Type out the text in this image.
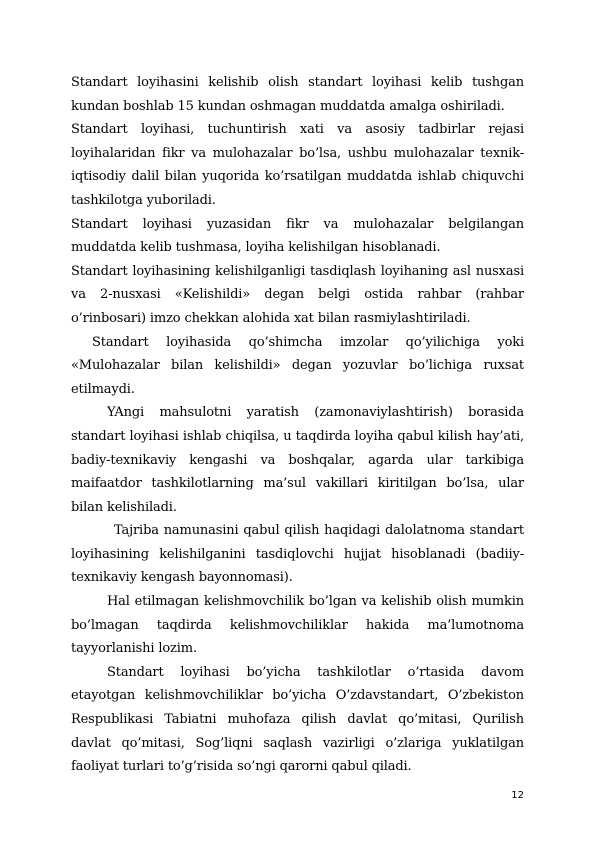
Standart loyihasini kelishib olish standart loyihasi kelib tushgan kundan boshlab 15 kundan oshmagan muddatda amalga oshiriladi.

Standart loyihasi, tuchuntirish xati va asosiy tadbirlar rejasi loyihalaridan fikr va mulohazalar bo’lsa, ushbu mulohazalar texnik-iqtisodiy dalil bilan yuqorida ko’rsatilgan muddatda ishlab chiquvchi tashkilotga yuboriladi.

Standart loyihasi yuzasidan fikr va mulohazalar belgilangan muddatda kelib tushmasa, loyiha kelishilgan hisoblanadi.

Standart loyihasining kelishilganligi tasdiqlash loyihaning asl nusxasi va 2-nusxasi «Kelishildi» degan belgi ostida rahbar (rahbar o’rinbosari) imzo chekkan alohida xat bilan rasmiylashtiriladi.

Standart loyihasida qo’shimcha imzolar qo’yilichiga yoki «Mulohazalar bilan kelishildi» degan yozuvlar bo’lichiga ruxsat etilmaydi.

YAngi mahsulotni yaratish (zamonaviylashtirish) borasida standart loyihasi ishlab chiqilsa, u taqdirda loyiha qabul kilish hay’ati, badiy-texnikaviy kengashi va boshqalar, agarda ular tarkibiga maifaatdor tashkilotlarning ma’sul vakillari kiritilgan bo’lsa, ular bilan kelishiladi.

Tajriba namunasini qabul qilish haqidagi dalolatnoma standart loyihasining kelishilganini tasdiqlovchi hujjat hisoblanadi (badiiy-texnikaviy kengash bayonnomasi).

Hal etilmagan kelishmovchilik bo’lgan va kelishib olish mumkin bo’lmagan taqdirda kelishmovchiliklar hakida ma’lumotnoma tayyorlanishi lozim.

Standart loyihasi bo’yicha tashkilotlar o’rtasida davom etayotgan kelishmovchiliklar bo’yicha O’zdavstandart, O’zbekiston Respublikasi Tabiatni muhofaza qilish davlat qo’mitasi, Qurilish davlat qo’mitasi, Sog’liqni saqlash vazirligi o’zlariga yuklatilgan faoliyat turlari to’g’risida so’ngi qarorni qabul qiladi.

12
